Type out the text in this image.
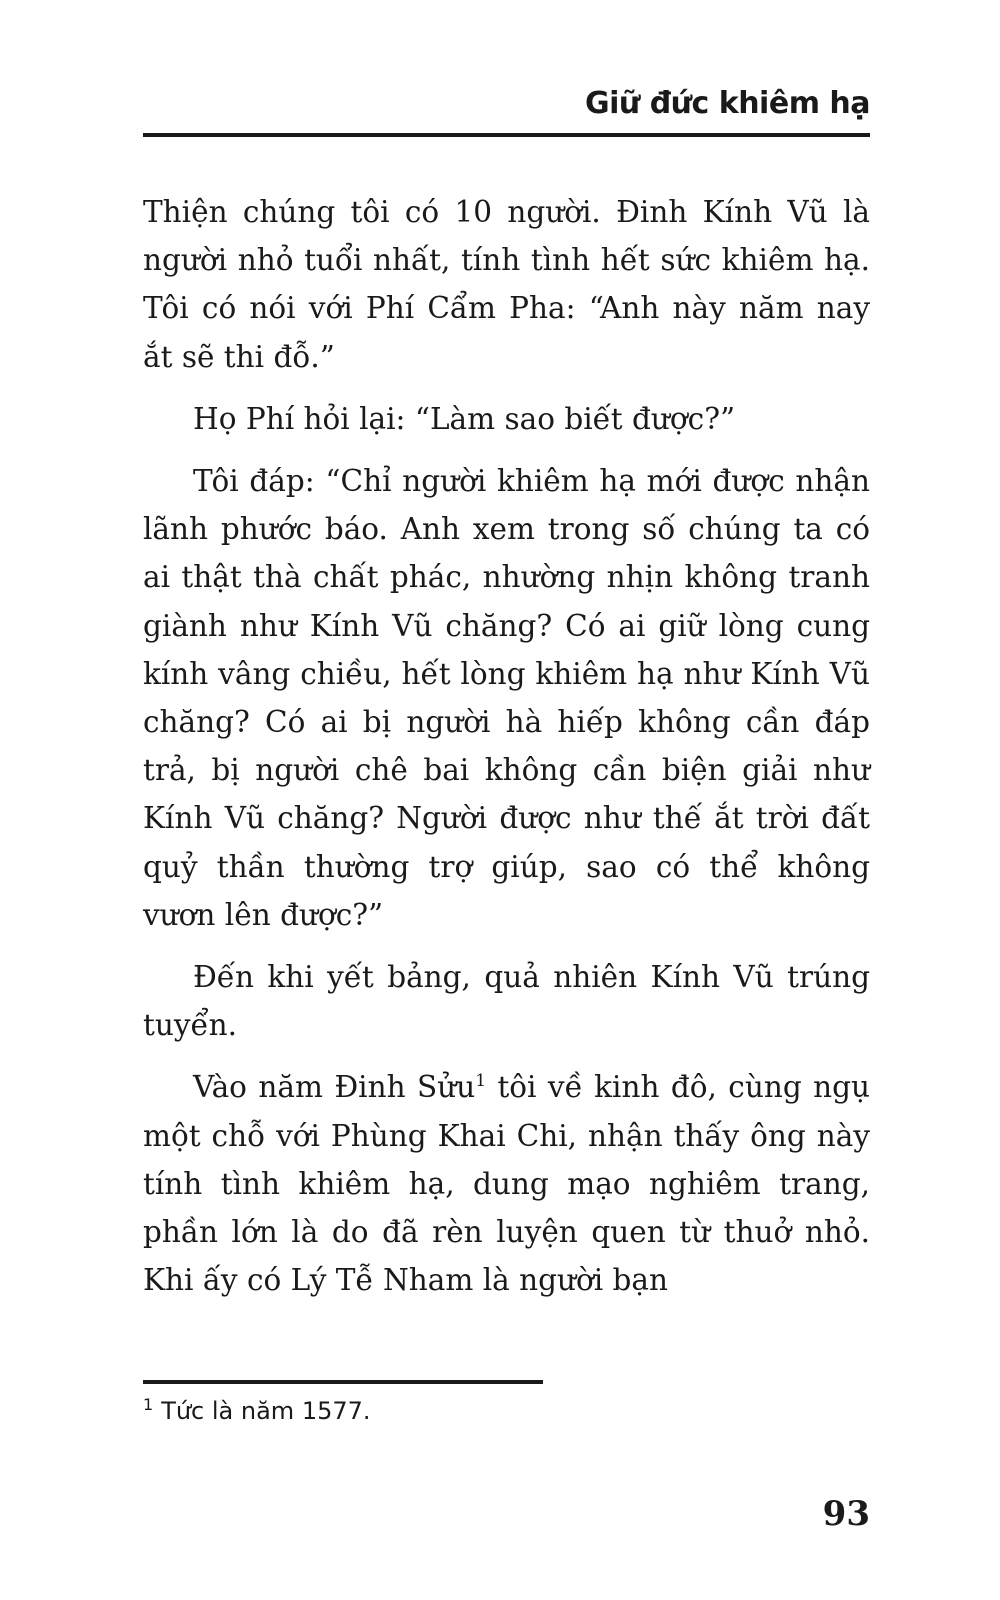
Giữ đức khiêm hạ

Thiện chúng tôi có 10 người. Đinh Kính Vũ là người nhỏ tuổi nhất, tính tình hết sức khiêm hạ. Tôi có nói với Phí Cẩm Pha: “Anh này năm nay ắt sẽ thi đỗ.”

Họ Phí hỏi lại: “Làm sao biết được?”

Tôi đáp: “Chỉ người khiêm hạ mới được nhận lãnh phước báo. Anh xem trong số chúng ta có ai thật thà chất phác, nhường nhịn không tranh giành như Kính Vũ chăng? Có ai giữ lòng cung kính vâng chiều, hết lòng khiêm hạ như Kính Vũ chăng? Có ai bị người hà hiếp không cần đáp trả, bị người chê bai không cần biện giải như Kính Vũ chăng? Người được như thế ắt trời đất quỷ thần thường trợ giúp, sao có thể không vươn lên được?”

Đến khi yết bảng, quả nhiên Kính Vũ trúng tuyển.

Vào năm Đinh Sửu$^1$ tôi về kinh đô, cùng ngụ một chỗ với Phùng Khai Chi, nhận thấy ông này tính tình khiêm hạ, dung mạo nghiêm trang, phần lớn là do đã rèn luyện quen từ thuở nhỏ. Khi ấy có Lý Tễ Nham là người bạn

$^1$ Tức là năm 1577.
93
